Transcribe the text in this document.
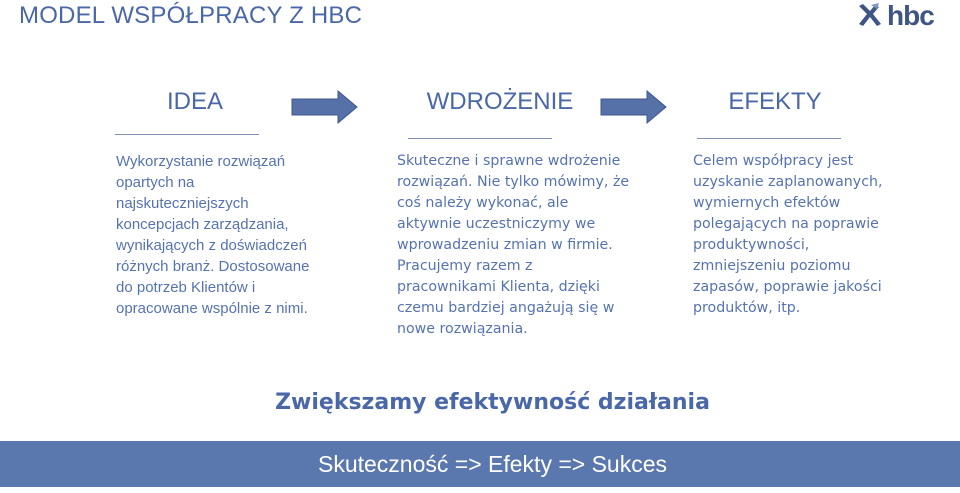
MODEL WSPÓŁPRACY Z HBC	hbc
IDEA
Wykorzystanie rozwiązań opartych na najskuteczniejszych koncepcjach zarządzania, wynikających z doświadczeń różnych branż. Dostosowane do potrzeb Klientów i opracowane wspólnie z nimi.
WDROŻENIE
Skuteczne i sprawne wdrożenie rozwiązań. Nie tylko mówimy, że coś należy wykonać, ale aktywnie uczestniczymy we wprowadzeniu zmian w firmie. Pracujemy razem z pracownikami Klienta, dzięki czemu bardziej angażują się w nowe rozwiązania.
EFEKTY
Celem współpracy jest uzyskanie zaplanowanych, wymiernych efektów polegających na poprawie produktywności, zmniejszeniu poziomu zapasów, poprawie jakości produktów, itp.
Zwiększamy efektywność działania
Skuteczność => Efekty => Sukces
